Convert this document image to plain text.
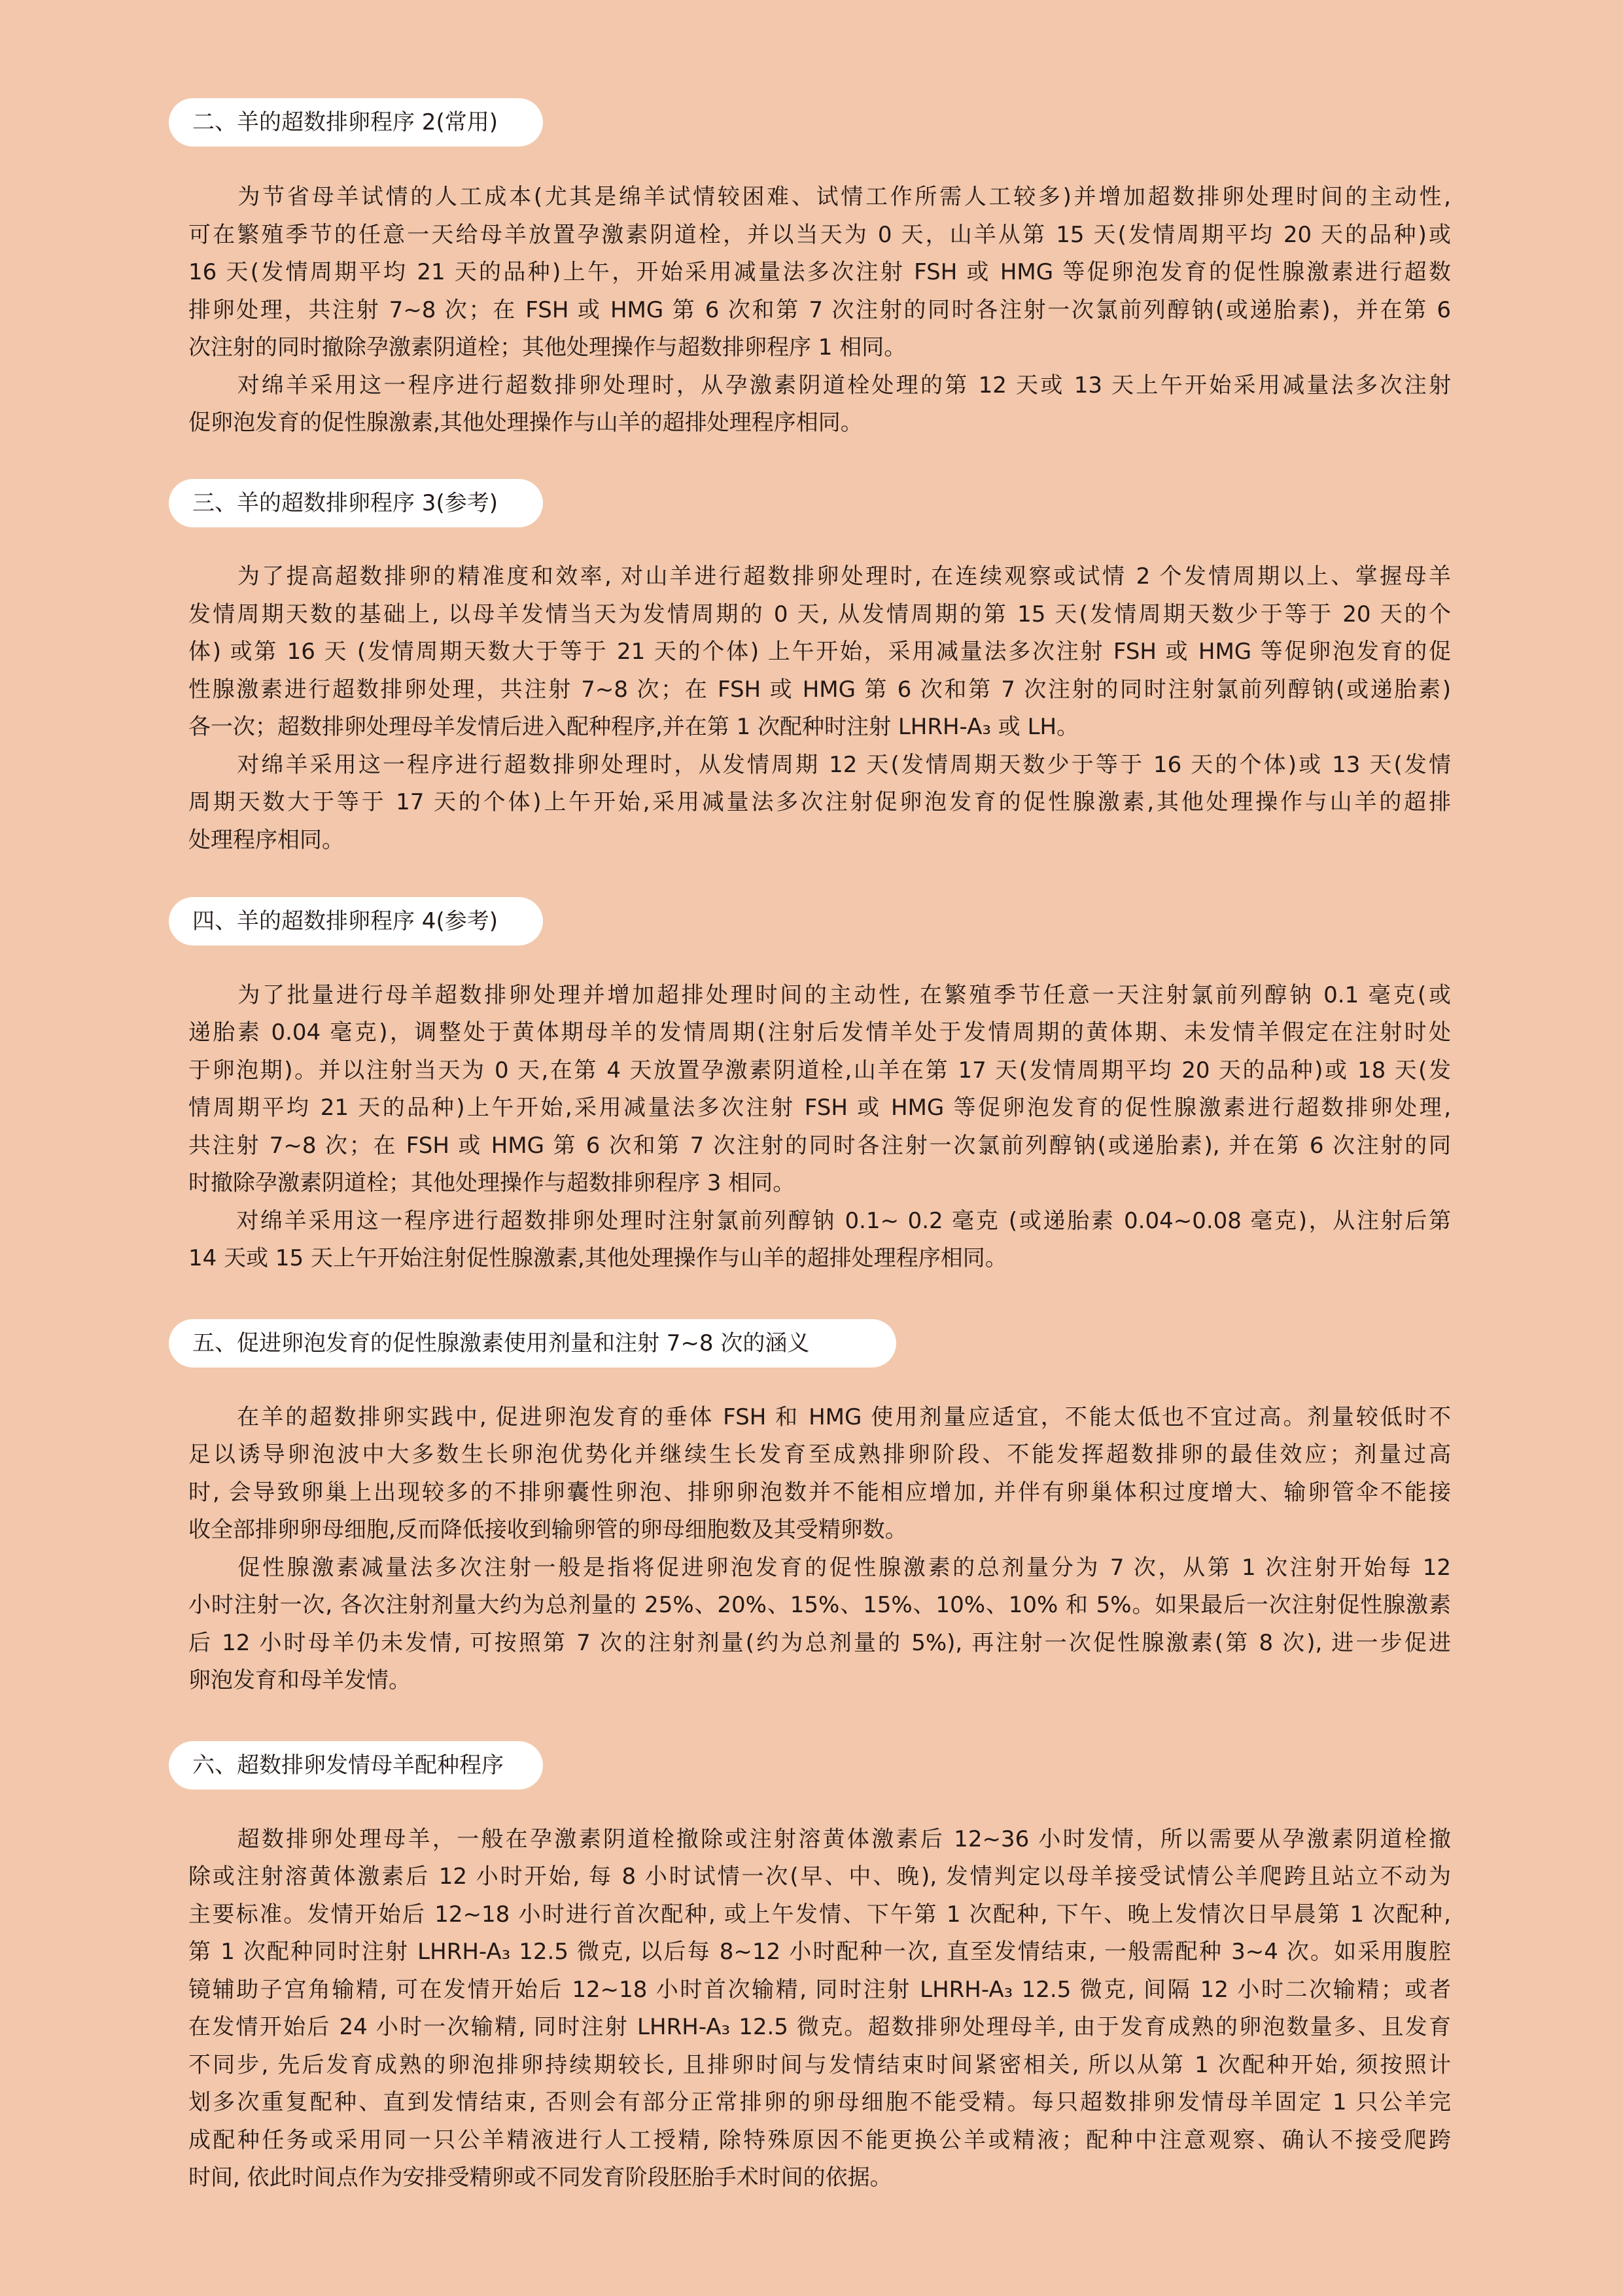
二、羊的超数排卵程序 2(常用)
　　为节省母羊试情的人工成本(尤其是绵羊试情较困难、试情工作所需人工较多)并增加超数排卵处理时间的主动性,
可在繁殖季节的任意一天给母羊放置孕激素阴道栓，并以当天为 0 天，山羊从第 15 天(发情周期平均 20 天的品种)或
16 天(发情周期平均 21 天的品种)上午，开始采用减量法多次注射 FSH 或 HMG 等促卵泡发育的促性腺激素进行超数
排卵处理，共注射 7~8 次；在 FSH 或 HMG 第 6 次和第 7 次注射的同时各注射一次氯前列醇钠(或递胎素)，并在第 6
次注射的同时撤除孕激素阴道栓；其他处理操作与超数排卵程序 1 相同。
　　对绵羊采用这一程序进行超数排卵处理时，从孕激素阴道栓处理的第 12 天或 13 天上午开始采用减量法多次注射
促卵泡发育的促性腺激素,其他处理操作与山羊的超排处理程序相同。
三、羊的超数排卵程序 3(参考)
　　为了提高超数排卵的精准度和效率, 对山羊进行超数排卵处理时, 在连续观察或试情 2 个发情周期以上、掌握母羊
发情周期天数的基础上, 以母羊发情当天为发情周期的 0 天, 从发情周期的第 15 天(发情周期天数少于等于 20 天的个
体) 或第 16 天 (发情周期天数大于等于 21 天的个体) 上午开始，采用减量法多次注射 FSH 或 HMG 等促卵泡发育的促
性腺激素进行超数排卵处理，共注射 7~8 次；在 FSH 或 HMG 第 6 次和第 7 次注射的同时注射氯前列醇钠(或递胎素)
各一次；超数排卵处理母羊发情后进入配种程序,并在第 1 次配种时注射 LHRH-A₃ 或 LH。
　　对绵羊采用这一程序进行超数排卵处理时，从发情周期 12 天(发情周期天数少于等于 16 天的个体)或 13 天(发情
周期天数大于等于 17 天的个体)上午开始,采用减量法多次注射促卵泡发育的促性腺激素,其他处理操作与山羊的超排
处理程序相同。
四、羊的超数排卵程序 4(参考)
　　为了批量进行母羊超数排卵处理并增加超排处理时间的主动性, 在繁殖季节任意一天注射氯前列醇钠 0.1 毫克(或
递胎素 0.04 毫克)，调整处于黄体期母羊的发情周期(注射后发情羊处于发情周期的黄体期、未发情羊假定在注射时处
于卵泡期)。并以注射当天为 0 天,在第 4 天放置孕激素阴道栓,山羊在第 17 天(发情周期平均 20 天的品种)或 18 天(发
情周期平均 21 天的品种)上午开始,采用减量法多次注射 FSH 或 HMG 等促卵泡发育的促性腺激素进行超数排卵处理,
共注射 7~8 次；在 FSH 或 HMG 第 6 次和第 7 次注射的同时各注射一次氯前列醇钠(或递胎素), 并在第 6 次注射的同
时撤除孕激素阴道栓；其他处理操作与超数排卵程序 3 相同。
　　对绵羊采用这一程序进行超数排卵处理时注射氯前列醇钠 0.1~ 0.2 毫克 (或递胎素 0.04~0.08 毫克)，从注射后第
14 天或 15 天上午开始注射促性腺激素,其他处理操作与山羊的超排处理程序相同。
五、促进卵泡发育的促性腺激素使用剂量和注射 7~8 次的涵义
　　在羊的超数排卵实践中, 促进卵泡发育的垂体 FSH 和 HMG 使用剂量应适宜，不能太低也不宜过高。剂量较低时不
足以诱导卵泡波中大多数生长卵泡优势化并继续生长发育至成熟排卵阶段、不能发挥超数排卵的最佳效应；剂量过高
时, 会导致卵巢上出现较多的不排卵囊性卵泡、排卵卵泡数并不能相应增加, 并伴有卵巢体积过度增大、输卵管伞不能接
收全部排卵卵母细胞,反而降低接收到输卵管的卵母细胞数及其受精卵数。
　　促性腺激素减量法多次注射一般是指将促进卵泡发育的促性腺激素的总剂量分为 7 次，从第 1 次注射开始每 12
小时注射一次, 各次注射剂量大约为总剂量的 25%、20%、15%、15%、10%、10% 和 5%。如果最后一次注射促性腺激素
后 12 小时母羊仍未发情, 可按照第 7 次的注射剂量(约为总剂量的 5%), 再注射一次促性腺激素(第 8 次), 进一步促进
卵泡发育和母羊发情。
六、超数排卵发情母羊配种程序
　　超数排卵处理母羊，一般在孕激素阴道栓撤除或注射溶黄体激素后 12~36 小时发情，所以需要从孕激素阴道栓撤
除或注射溶黄体激素后 12 小时开始, 每 8 小时试情一次(早、中、晚), 发情判定以母羊接受试情公羊爬跨且站立不动为
主要标准。发情开始后 12~18 小时进行首次配种, 或上午发情、下午第 1 次配种, 下午、晚上发情次日早晨第 1 次配种,
第 1 次配种同时注射 LHRH-A₃ 12.5 微克, 以后每 8~12 小时配种一次, 直至发情结束, 一般需配种 3~4 次。如采用腹腔
镜辅助子宫角输精, 可在发情开始后 12~18 小时首次输精, 同时注射 LHRH-A₃ 12.5 微克, 间隔 12 小时二次输精；或者
在发情开始后 24 小时一次输精, 同时注射 LHRH-A₃ 12.5 微克。超数排卵处理母羊, 由于发育成熟的卵泡数量多、且发育
不同步, 先后发育成熟的卵泡排卵持续期较长, 且排卵时间与发情结束时间紧密相关, 所以从第 1 次配种开始, 须按照计
划多次重复配种、直到发情结束, 否则会有部分正常排卵的卵母细胞不能受精。每只超数排卵发情母羊固定 1 只公羊完
成配种任务或采用同一只公羊精液进行人工授精, 除特殊原因不能更换公羊或精液；配种中注意观察、确认不接受爬跨
时间, 依此时间点作为安排受精卵或不同发育阶段胚胎手术时间的依据。
